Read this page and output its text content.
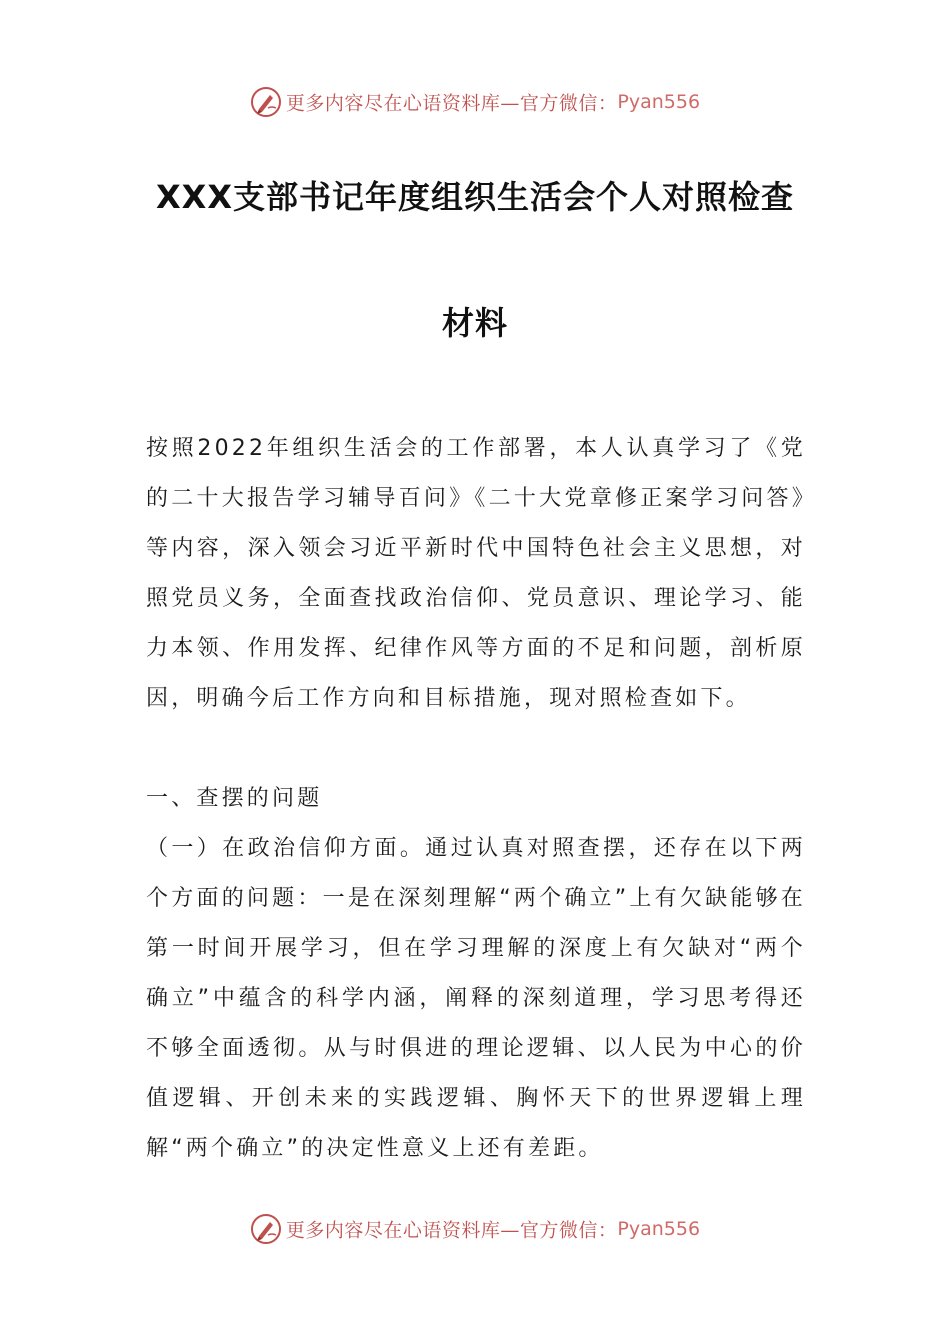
更多内容尽在心语资料库—官方微信：Pyan556
XXX支部书记年度组织生活会个人对照检查
材料

按照2022年组织生活会的工作部署，本人认真学习了《党的二十大报告学习辅导百问》《二十大党章修正案学习问答》等内容，深入领会习近平新时代中国特色社会主义思想，对照党员义务，全面查找政治信仰、党员意识、理论学习、能力本领、作用发挥、纪律作风等方面的不足和问题，剖析原因，明确今后工作方向和目标措施，现对照检查如下。

一、查摆的问题

（一）在政治信仰方面。通过认真对照查摆，还存在以下两个方面的问题：一是在深刻理解“两个确立”上有欠缺能够在第一时间开展学习，但在学习理解的深度上有欠缺对“两个确立”中蕴含的科学内涵，阐释的深刻道理，学习思考得还不够全面透彻。从与时俱进的理论逻辑、以人民为中心的价值逻辑、开创未来的实践逻辑、胸怀天下的世界逻辑上理解“两个确立”的决定性意义上还有差距。

更多内容尽在心语资料库—官方微信：Pyan556
